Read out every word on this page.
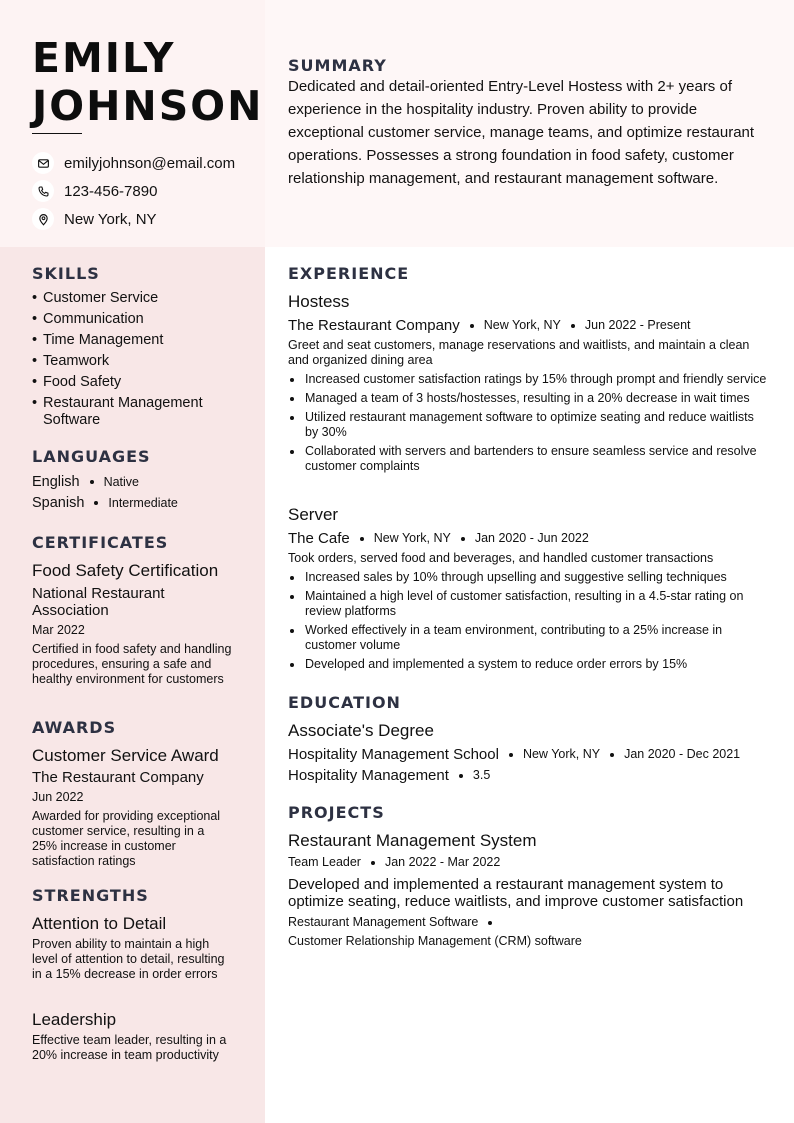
EMILY
JOHNSON
emilyjohnson@email.com
123-456-7890
New York, NY
SUMMARY
Dedicated and detail-oriented Entry-Level Hostess with 2+ years of experience in the hospitality industry. Proven ability to provide exceptional customer service, manage teams, and optimize restaurant operations. Possesses a strong foundation in food safety, customer relationship management, and restaurant management software.
SKILLS
• Customer Service
• Communication
• Time Management
• Teamwork
• Food Safety
• Restaurant Management Software
LANGUAGES
English Native
Spanish Intermediate
CERTIFICATES
Food Safety Certification
National Restaurant Association
Mar 2022
Certified in food safety and handling procedures, ensuring a safe and healthy environment for customers
AWARDS
Customer Service Award
The Restaurant Company
Jun 2022
Awarded for providing exceptional customer service, resulting in a 25% increase in customer satisfaction ratings
STRENGTHS
Attention to Detail
Proven ability to maintain a high level of attention to detail, resulting in a 15% decrease in order errors
Leadership
Effective team leader, resulting in a 20% increase in team productivity
EXPERIENCE
Hostess
The Restaurant Company New York, NY Jun 2022 - Present
Greet and seat customers, manage reservations and waitlists, and maintain a clean and organized dining area
Increased customer satisfaction ratings by 15% through prompt and friendly service
Managed a team of 3 hosts/hostesses, resulting in a 20% decrease in wait times
Utilized restaurant management software to optimize seating and reduce waitlists by 30%
Collaborated with servers and bartenders to ensure seamless service and resolve customer complaints
Server
The Cafe New York, NY Jan 2020 - Jun 2022
Took orders, served food and beverages, and handled customer transactions
Increased sales by 10% through upselling and suggestive selling techniques
Maintained a high level of customer satisfaction, resulting in a 4.5-star rating on review platforms
Worked effectively in a team environment, contributing to a 25% increase in customer volume
Developed and implemented a system to reduce order errors by 15%
EDUCATION
Associate's Degree
Hospitality Management School New York, NY Jan 2020 - Dec 2021
Hospitality Management 3.5
PROJECTS
Restaurant Management System
Team Leader Jan 2022 - Mar 2022
Developed and implemented a restaurant management system to optimize seating, reduce waitlists, and improve customer satisfaction
Restaurant Management Software
Customer Relationship Management (CRM) software
